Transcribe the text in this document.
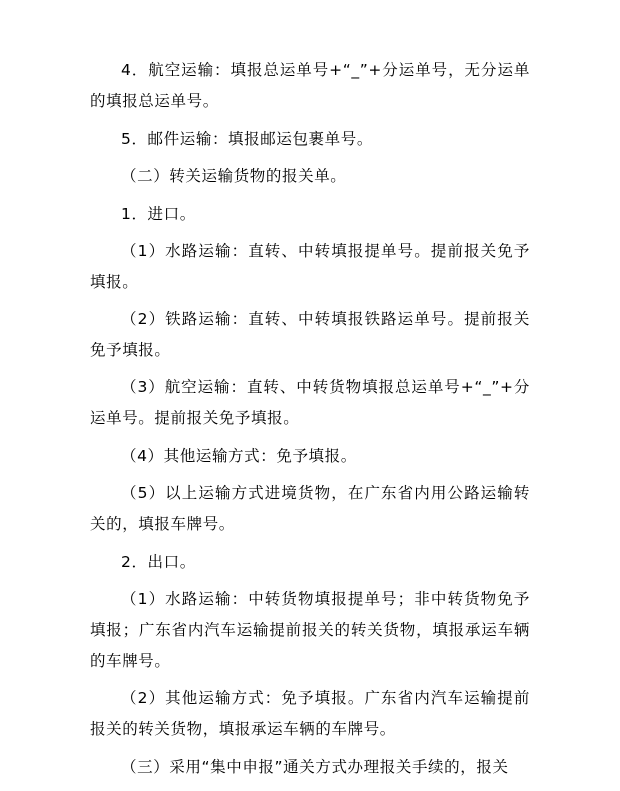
4．航空运输：填报总运单号+“_”+分运单号，无分运单的填报总运单号。

5．邮件运输：填报邮运包裹单号。

（二）转关运输货物的报关单。

1．进口。

（1）水路运输：直转、中转填报提单号。提前报关免予填报。

（2）铁路运输：直转、中转填报铁路运单号。提前报关免予填报。

（3）航空运输：直转、中转货物填报总运单号+“_”+分运单号。提前报关免予填报。

（4）其他运输方式：免予填报。

（5）以上运输方式进境货物，在广东省内用公路运输转关的，填报车牌号。

2．出口。

（1）水路运输：中转货物填报提单号；非中转货物免予填报；广东省内汽车运输提前报关的转关货物，填报承运车辆的车牌号。

（2）其他运输方式：免予填报。广东省内汽车运输提前报关的转关货物，填报承运车辆的车牌号。

（三）采用“集中申报”通关方式办理报关手续的，报关
